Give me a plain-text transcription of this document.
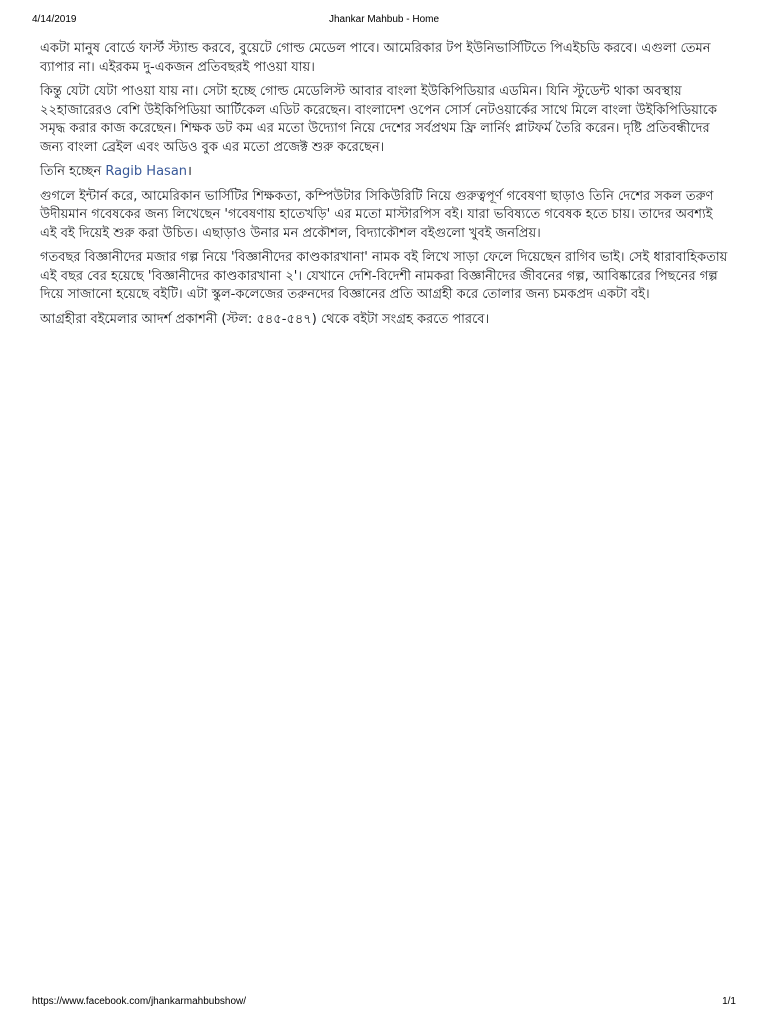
4/14/2019	Jhankar Mahbub - Home

একটা মানুষ বোর্ডে ফার্স্ট স্ট্যান্ড করবে, বুয়েটে গোল্ড মেডেল পাবে। আমেরিকার টপ ইউনিভার্সিটিতে পিএইচডি করবে। এগুলা তেমন ব্যাপার না। এইরকম দু-একজন প্রতিবছরই পাওয়া যায়।

কিন্তু যেটা যেটা পাওয়া যায় না। সেটা হচ্ছে গোল্ড মেডেলিস্ট আবার বাংলা ইউকিপিডিয়ার এডমিন। যিনি স্টুডেন্ট থাকা অবস্থায় ২২হাজারেরও বেশি উইকিপিডিয়া আর্টিকেল এডিট করেছেন। বাংলাদেশ ওপেন সোর্স নেটওয়ার্কের সাথে মিলে বাংলা উইকিপিডিয়াকে সমৃদ্ধ করার কাজ করেছেন। শিক্ষক ডট কম এর মতো উদ্যোগ নিয়ে দেশের সর্বপ্রথম ফ্রি লার্নিং প্লাটফর্ম তৈরি করেন। দৃষ্টি প্রতিবন্ধীদের জন্য বাংলা ব্রেইল এবং অডিও বুক এর মতো প্রজেক্ট শুরু করেছেন।

তিনি হচ্ছেন Ragib Hasan।

গুগলে ইন্টার্ন করে, আমেরিকান ভার্সিটির শিক্ষকতা, কম্পিউটার সিকিউরিটি নিয়ে গুরুত্বপূর্ণ গবেষণা ছাড়াও তিনি দেশের সকল তরুণ উদীয়মান গবেষকের জন্য লিখেছেন 'গবেষণায় হাতেখড়ি' এর মতো মাস্টারপিস বই। যারা ভবিষ্যতে গবেষক হতে চায়। তাদের অবশ্যই এই বই দিয়েই শুরু করা উচিত। এছাড়াও উনার মন প্রকৌশল, বিদ্যাকৌশল বইগুলো খুবই জনপ্রিয়।

গতবছর বিজ্ঞানীদের মজার গল্প নিয়ে 'বিজ্ঞানীদের কাণ্ডকারখানা' নামক বই লিখে সাড়া ফেলে দিয়েছেন রাগিব ভাই। সেই ধারাবাহিকতায় এই বছর বের হয়েছে 'বিজ্ঞানীদের কাণ্ডকারখানা ২'। যেখানে দেশি-বিদেশী নামকরা বিজ্ঞানীদের জীবনের গল্প, আবিষ্কারের পিছনের গল্প দিয়ে সাজানো হয়েছে বইটি। এটা স্কুল-কলেজের তরুনদের বিজ্ঞানের প্রতি আগ্রহী করে তোলার জন্য চমকপ্রদ একটা বই।

আগ্রহীরা বইমেলার আদর্শ প্রকাশনী (স্টল: ৫৪৫-৫৪৭) থেকে বইটা সংগ্রহ করতে পারবে।

https://www.facebook.com/jhankarmahbubshow/	1/1
